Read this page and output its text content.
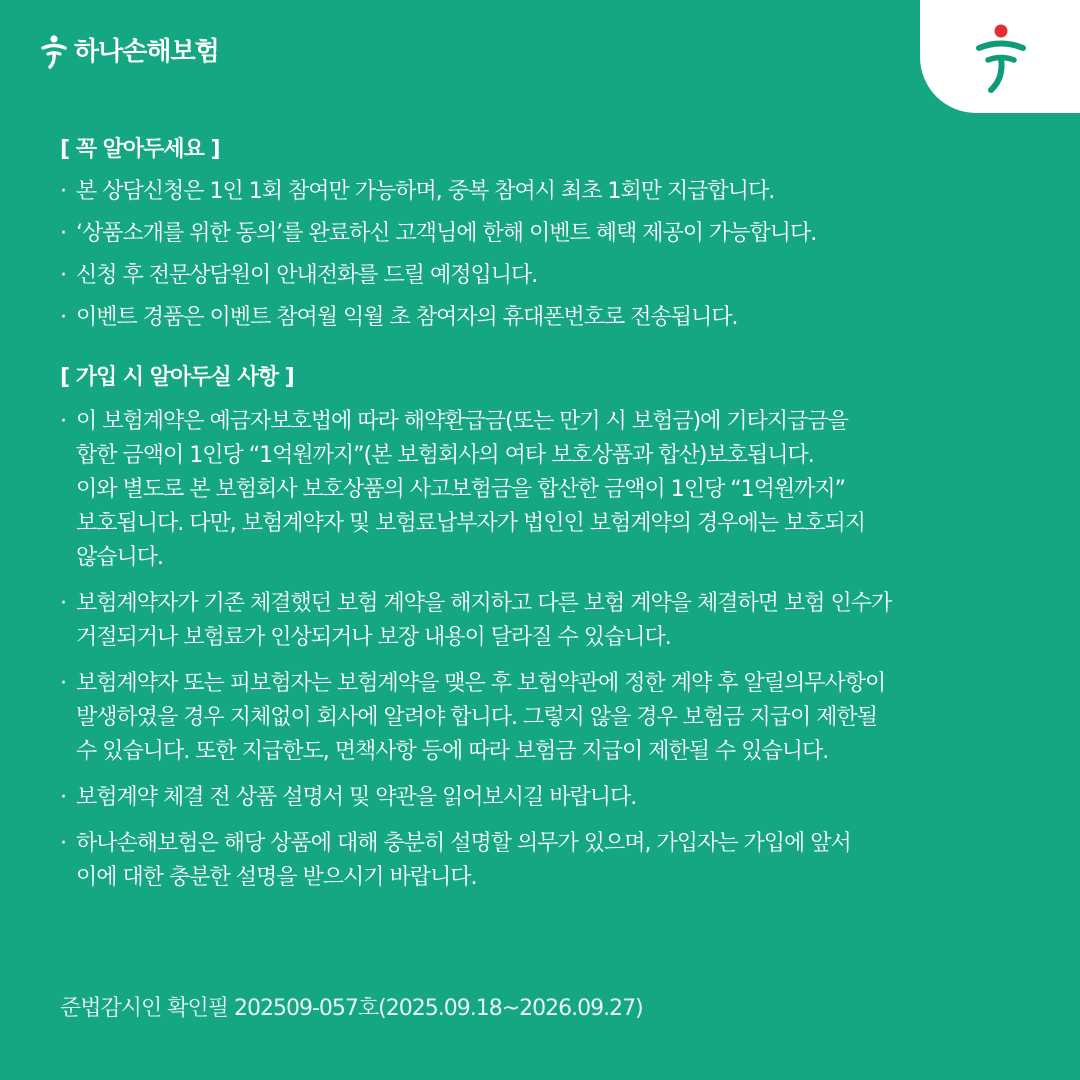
하나손해보험
[ 꼭 알아두세요 ]
· 본 상담신청은 1인 1회 참여만 가능하며, 중복 참여시 최초 1회만 지급합니다.
· ‘상품소개를 위한 동의’를 완료하신 고객님에 한해 이벤트 혜택 제공이 가능합니다.
· 신청 후 전문상담원이 안내전화를 드릴 예정입니다.
· 이벤트 경품은 이벤트 참여월 익월 초 참여자의 휴대폰번호로 전송됩니다.
[ 가입 시 알아두실 사항 ]
· 이 보험계약은 예금자보호법에 따라 해약환급금(또는 만기 시 보험금)에 기타지급금을
합한 금액이 1인당 “1억원까지”(본 보험회사의 여타 보호상품과 합산)보호됩니다.
이와 별도로 본 보험회사 보호상품의 사고보험금을 합산한 금액이 1인당 “1억원까지”
보호됩니다. 다만, 보험계약자 및 보험료납부자가 법인인 보험계약의 경우에는 보호되지
않습니다.
· 보험계약자가 기존 체결했던 보험 계약을 해지하고 다른 보험 계약을 체결하면 보험 인수가
거절되거나 보험료가 인상되거나 보장 내용이 달라질 수 있습니다.
· 보험계약자 또는 피보험자는 보험계약을 맺은 후 보험약관에 정한 계약 후 알릴의무사항이
발생하였을 경우 지체없이 회사에 알려야 합니다. 그렇지 않을 경우 보험금 지급이 제한될
수 있습니다. 또한 지급한도, 면책사항 등에 따라 보험금 지급이 제한될 수 있습니다.
· 보험계약 체결 전 상품 설명서 및 약관을 읽어보시길 바랍니다.
· 하나손해보험은 해당 상품에 대해 충분히 설명할 의무가 있으며, 가입자는 가입에 앞서
이에 대한 충분한 설명을 받으시기 바랍니다.
준법감시인 확인필 202509-057호(2025.09.18~2026.09.27)
